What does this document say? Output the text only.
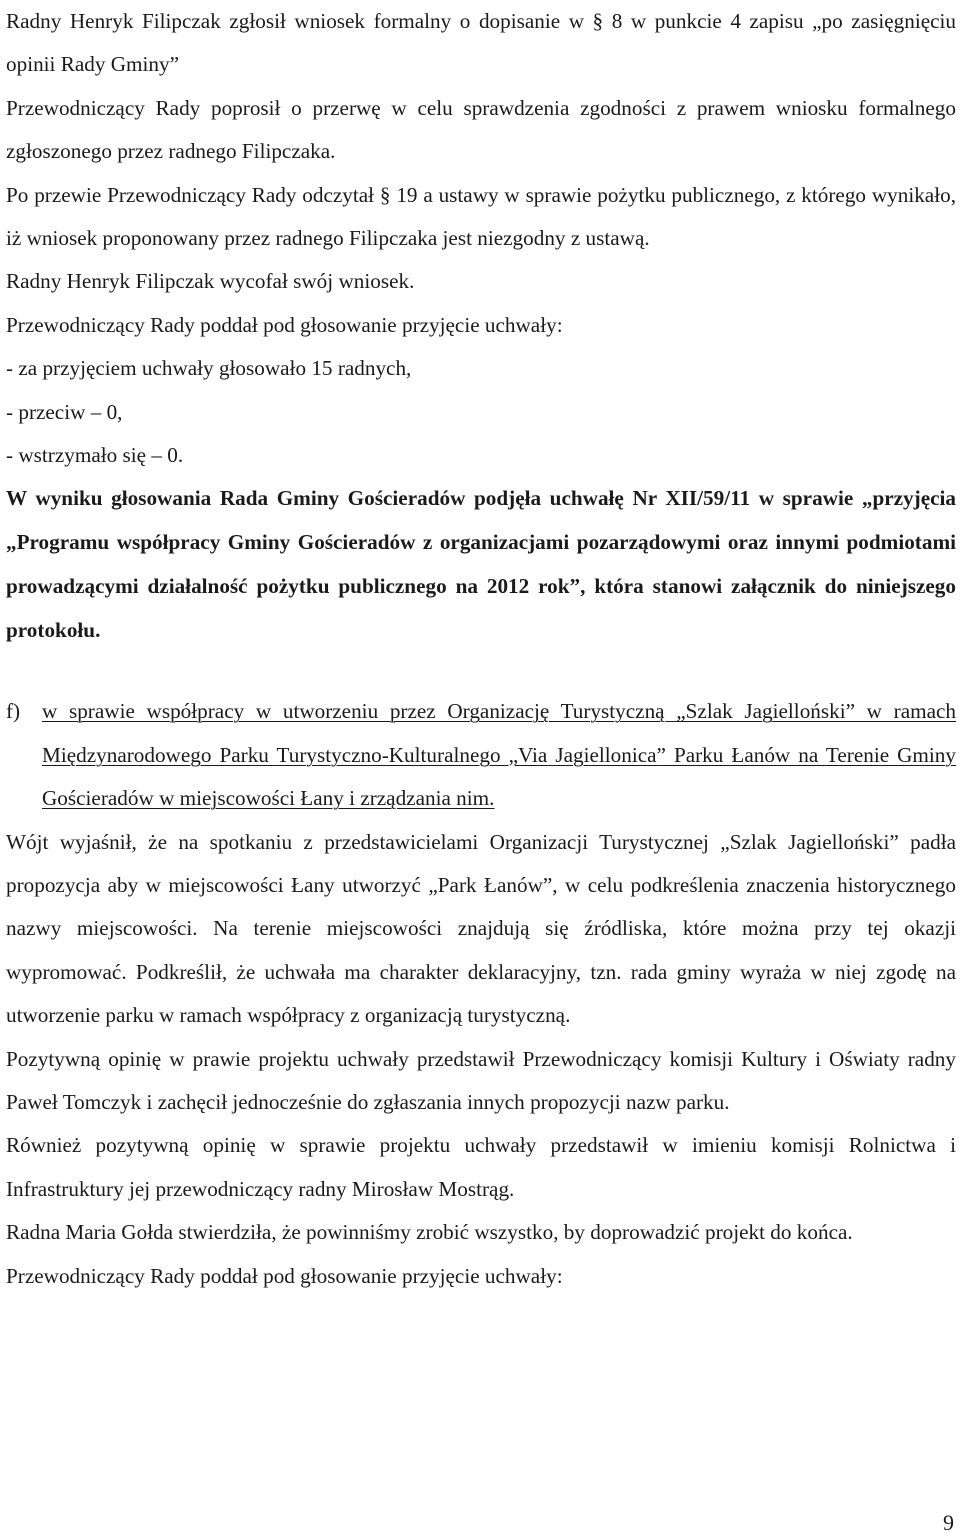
Radny Henryk Filipczak zgłosił wniosek formalny o dopisanie w § 8 w punkcie 4 zapisu „po zasięgnięciu opinii Rady Gminy”

Przewodniczący Rady poprosił o przerwę w celu sprawdzenia zgodności z prawem wniosku formalnego zgłoszonego przez radnego Filipczaka.

Po przewie Przewodniczący Rady odczytał § 19 a ustawy w sprawie pożytku publicznego, z którego wynikało, iż wniosek proponowany przez radnego Filipczaka jest niezgodny z ustawą.

Radny Henryk Filipczak wycofał swój wniosek.

Przewodniczący Rady poddał pod głosowanie przyjęcie uchwały:

- za przyjęciem uchwały głosowało 15 radnych,

- przeciw – 0,

- wstrzymało się – 0.

W wyniku głosowania Rada Gminy Gościeradów podjęła uchwałę Nr XII/59/11 w sprawie „przyjęcia „Programu współpracy Gminy Gościeradów z organizacjami pozarządowymi oraz innymi podmiotami prowadzącymi działalność pożytku publicznego na 2012 rok”, która stanowi załącznik do niniejszego protokołu.

f) w sprawie współpracy w utworzeniu przez Organizację Turystyczną „Szlak Jagielloński” w ramach Międzynarodowego Parku Turystyczno-Kulturalnego „Via Jagiellonica” Parku Łanów na Terenie Gminy Gościeradów w miejscowości Łany i zrządzania nim.

Wójt wyjaśnił, że na spotkaniu z przedstawicielami Organizacji Turystycznej „Szlak Jagielloński” padła propozycja aby w miejscowości Łany utworzyć „Park Łanów”, w celu podkreślenia znaczenia historycznego nazwy miejscowości. Na terenie miejscowości znajdują się źródliska, które można przy tej okazji wypromować. Podkreślił, że uchwała ma charakter deklaracyjny, tzn. rada gminy wyraża w niej zgodę na utworzenie parku w ramach współpracy z organizacją turystyczną.

Pozytywną opinię w prawie projektu uchwały przedstawił Przewodniczący komisji Kultury i Oświaty radny Paweł Tomczyk i zachęcił jednocześnie do zgłaszania innych propozycji nazw parku.

Również pozytywną opinię w sprawie projektu uchwały przedstawił w imieniu komisji Rolnictwa i Infrastruktury jej przewodniczący radny Mirosław Mostrąg.

Radna Maria Gołda stwierdziła, że powinniśmy zrobić wszystko, by doprowadzić projekt do końca.

Przewodniczący Rady poddał pod głosowanie przyjęcie uchwały:

9
